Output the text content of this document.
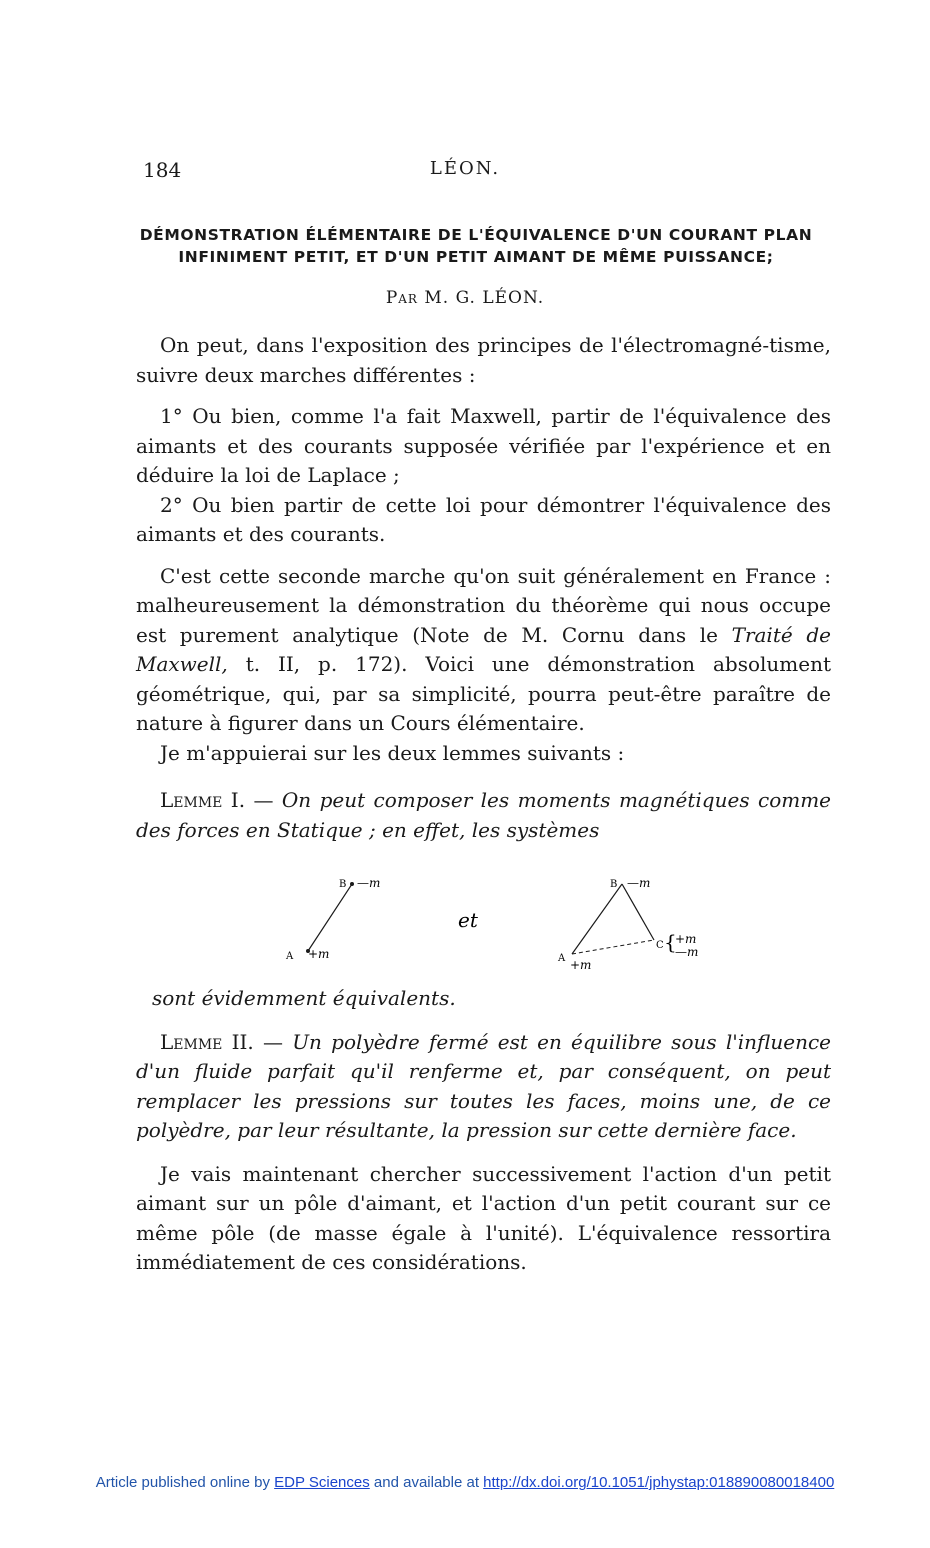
184	LÉON.
DÉMONSTRATION ÉLÉMENTAIRE DE L'ÉQUIVALENCE D'UN COURANT PLAN
INFINIMENT PETIT, ET D'UN PETIT AIMANT DE MÊME PUISSANCE;
Par M. G. LÉON.

On peut, dans l'exposition des principes de l'électromagné-tisme, suivre deux marches différentes :

1° Ou bien, comme l'a fait Maxwell, partir de l'équivalence des aimants et des courants supposée vérifiée par l'expérience et en déduire la loi de Laplace ;

2° Ou bien partir de cette loi pour démontrer l'équivalence des aimants et des courants.

C'est cette seconde marche qu'on suit généralement en France : malheureusement la démonstration du théorème qui nous occupe est purement analytique (Note de M. Cornu dans le Traité de Maxwell, t. II, p. 172). Voici une démonstration absolument géométrique, qui, par sa simplicité, pourra peut-être paraître de nature à figurer dans un Cours élémentaire.

Je m'appuierai sur les deux lemmes suivants :

Lemme I. — On peut composer les moments magnétiques comme des forces en Statique ; en effet, les systèmes

B —m
A +m
et
B —m
A +m
C {
+m
—m

sont évidemment équivalents.

Lemme II. — Un polyèdre fermé est en équilibre sous l'influence d'un fluide parfait qu'il renferme et, par conséquent, on peut remplacer les pressions sur toutes les faces, moins une, de ce polyèdre, par leur résultante, la pression sur cette dernière face.

Je vais maintenant chercher successivement l'action d'un petit aimant sur un pôle d'aimant, et l'action d'un petit courant sur ce même pôle (de masse égale à l'unité). L'équivalence ressortira immédiatement de ces considérations.

Article published online by EDP Sciences and available at http://dx.doi.org/10.1051/jphystap:018890080018400
